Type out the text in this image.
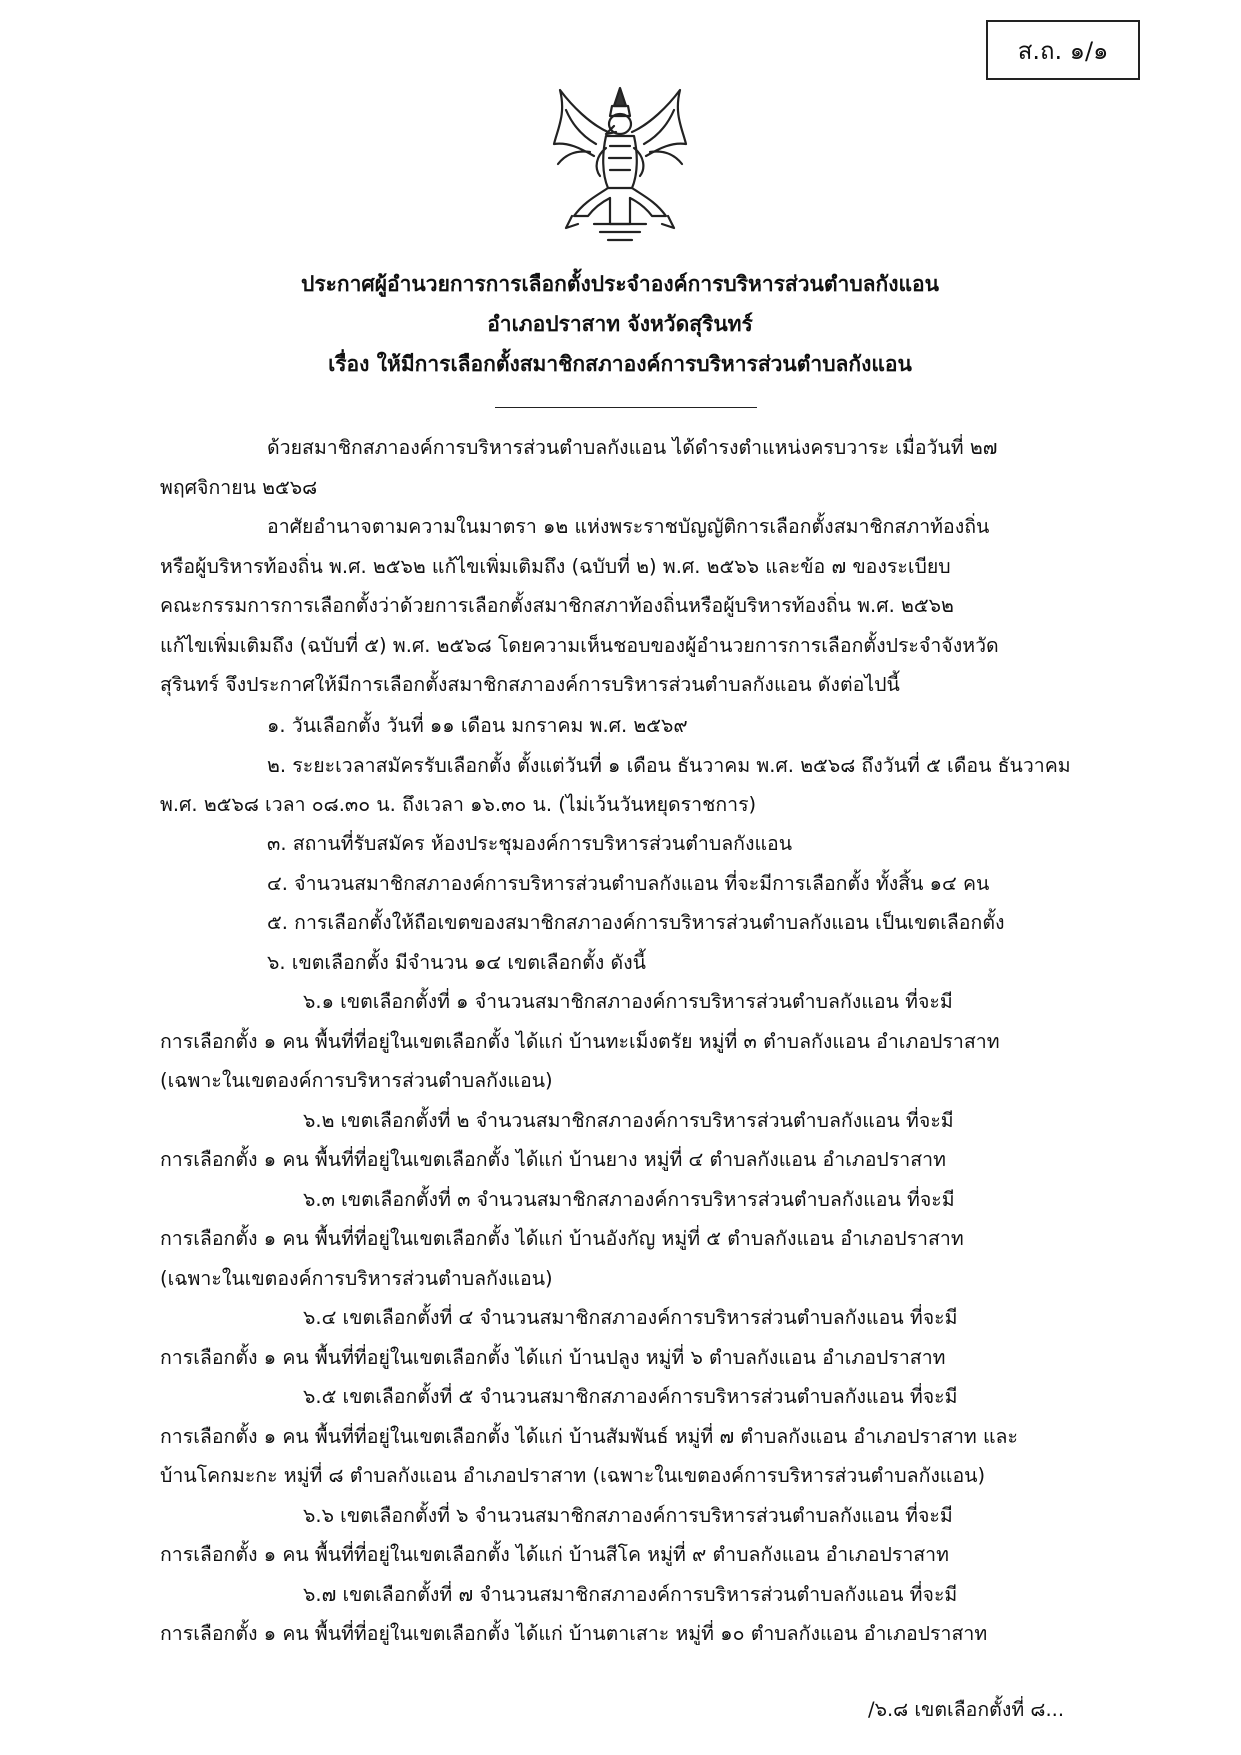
ส.ถ. ๑/๑
ประกาศผู้อำนวยการการเลือกตั้งประจำองค์การบริหารส่วนตำบลกังแอน
อำเภอปราสาท จังหวัดสุรินทร์
เรื่อง ให้มีการเลือกตั้งสมาชิกสภาองค์การบริหารส่วนตำบลกังแอน
ด้วยสมาชิกสภาองค์การบริหารส่วนตำบลกังแอน ได้ดำรงตำแหน่งครบวาระ เมื่อวันที่ ๒๗
พฤศจิกายน ๒๕๖๘
อาศัยอำนาจตามความในมาตรา ๑๒ แห่งพระราชบัญญัติการเลือกตั้งสมาชิกสภาท้องถิ่น
หรือผู้บริหารท้องถิ่น พ.ศ. ๒๕๖๒ แก้ไขเพิ่มเติมถึง (ฉบับที่ ๒) พ.ศ. ๒๕๖๖ และข้อ ๗ ของระเบียบ
คณะกรรมการการเลือกตั้งว่าด้วยการเลือกตั้งสมาชิกสภาท้องถิ่นหรือผู้บริหารท้องถิ่น พ.ศ. ๒๕๖๒
แก้ไขเพิ่มเติมถึง (ฉบับที่ ๕) พ.ศ. ๒๕๖๘ โดยความเห็นชอบของผู้อำนวยการการเลือกตั้งประจำจังหวัด
สุรินทร์ จึงประกาศให้มีการเลือกตั้งสมาชิกสภาองค์การบริหารส่วนตำบลกังแอน ดังต่อไปนี้
๑. วันเลือกตั้ง วันที่ ๑๑ เดือน มกราคม พ.ศ. ๒๕๖๙
๒. ระยะเวลาสมัครรับเลือกตั้ง ตั้งแต่วันที่ ๑ เดือน ธันวาคม พ.ศ. ๒๕๖๘ ถึงวันที่ ๕ เดือน ธันวาคม
พ.ศ. ๒๕๖๘ เวลา ๐๘.๓๐ น. ถึงเวลา ๑๖.๓๐ น. (ไม่เว้นวันหยุดราชการ)
๓. สถานที่รับสมัคร ห้องประชุมองค์การบริหารส่วนตำบลกังแอน
๔. จำนวนสมาชิกสภาองค์การบริหารส่วนตำบลกังแอน ที่จะมีการเลือกตั้ง ทั้งสิ้น ๑๔ คน
๕. การเลือกตั้งให้ถือเขตของสมาชิกสภาองค์การบริหารส่วนตำบลกังแอน เป็นเขตเลือกตั้ง
๖. เขตเลือกตั้ง มีจำนวน ๑๔ เขตเลือกตั้ง ดังนี้
๖.๑ เขตเลือกตั้งที่ ๑ จำนวนสมาชิกสภาองค์การบริหารส่วนตำบลกังแอน ที่จะมี
การเลือกตั้ง ๑ คน พื้นที่ที่อยู่ในเขตเลือกตั้ง ได้แก่ บ้านทะเม็งตรัย หมู่ที่ ๓ ตำบลกังแอน อำเภอปราสาท
(เฉพาะในเขตองค์การบริหารส่วนตำบลกังแอน)
๖.๒ เขตเลือกตั้งที่ ๒ จำนวนสมาชิกสภาองค์การบริหารส่วนตำบลกังแอน ที่จะมี
การเลือกตั้ง ๑ คน พื้นที่ที่อยู่ในเขตเลือกตั้ง ได้แก่ บ้านยาง หมู่ที่ ๔ ตำบลกังแอน อำเภอปราสาท
๖.๓ เขตเลือกตั้งที่ ๓ จำนวนสมาชิกสภาองค์การบริหารส่วนตำบลกังแอน ที่จะมี
การเลือกตั้ง ๑ คน พื้นที่ที่อยู่ในเขตเลือกตั้ง ได้แก่ บ้านอังกัญ หมู่ที่ ๕ ตำบลกังแอน อำเภอปราสาท
(เฉพาะในเขตองค์การบริหารส่วนตำบลกังแอน)
๖.๔ เขตเลือกตั้งที่ ๔ จำนวนสมาชิกสภาองค์การบริหารส่วนตำบลกังแอน ที่จะมี
การเลือกตั้ง ๑ คน พื้นที่ที่อยู่ในเขตเลือกตั้ง ได้แก่ บ้านปลูง หมู่ที่ ๖ ตำบลกังแอน อำเภอปราสาท
๖.๕ เขตเลือกตั้งที่ ๕ จำนวนสมาชิกสภาองค์การบริหารส่วนตำบลกังแอน ที่จะมี
การเลือกตั้ง ๑ คน พื้นที่ที่อยู่ในเขตเลือกตั้ง ได้แก่ บ้านสัมพันธ์ หมู่ที่ ๗ ตำบลกังแอน อำเภอปราสาท และ
บ้านโคกมะกะ หมู่ที่ ๘ ตำบลกังแอน อำเภอปราสาท (เฉพาะในเขตองค์การบริหารส่วนตำบลกังแอน)
๖.๖ เขตเลือกตั้งที่ ๖ จำนวนสมาชิกสภาองค์การบริหารส่วนตำบลกังแอน ที่จะมี
การเลือกตั้ง ๑ คน พื้นที่ที่อยู่ในเขตเลือกตั้ง ได้แก่ บ้านสีโค หมู่ที่ ๙ ตำบลกังแอน อำเภอปราสาท
๖.๗ เขตเลือกตั้งที่ ๗ จำนวนสมาชิกสภาองค์การบริหารส่วนตำบลกังแอน ที่จะมี
การเลือกตั้ง ๑ คน พื้นที่ที่อยู่ในเขตเลือกตั้ง ได้แก่ บ้านตาเสาะ หมู่ที่ ๑๐ ตำบลกังแอน อำเภอปราสาท
/๖.๘ เขตเลือกตั้งที่ ๘...
